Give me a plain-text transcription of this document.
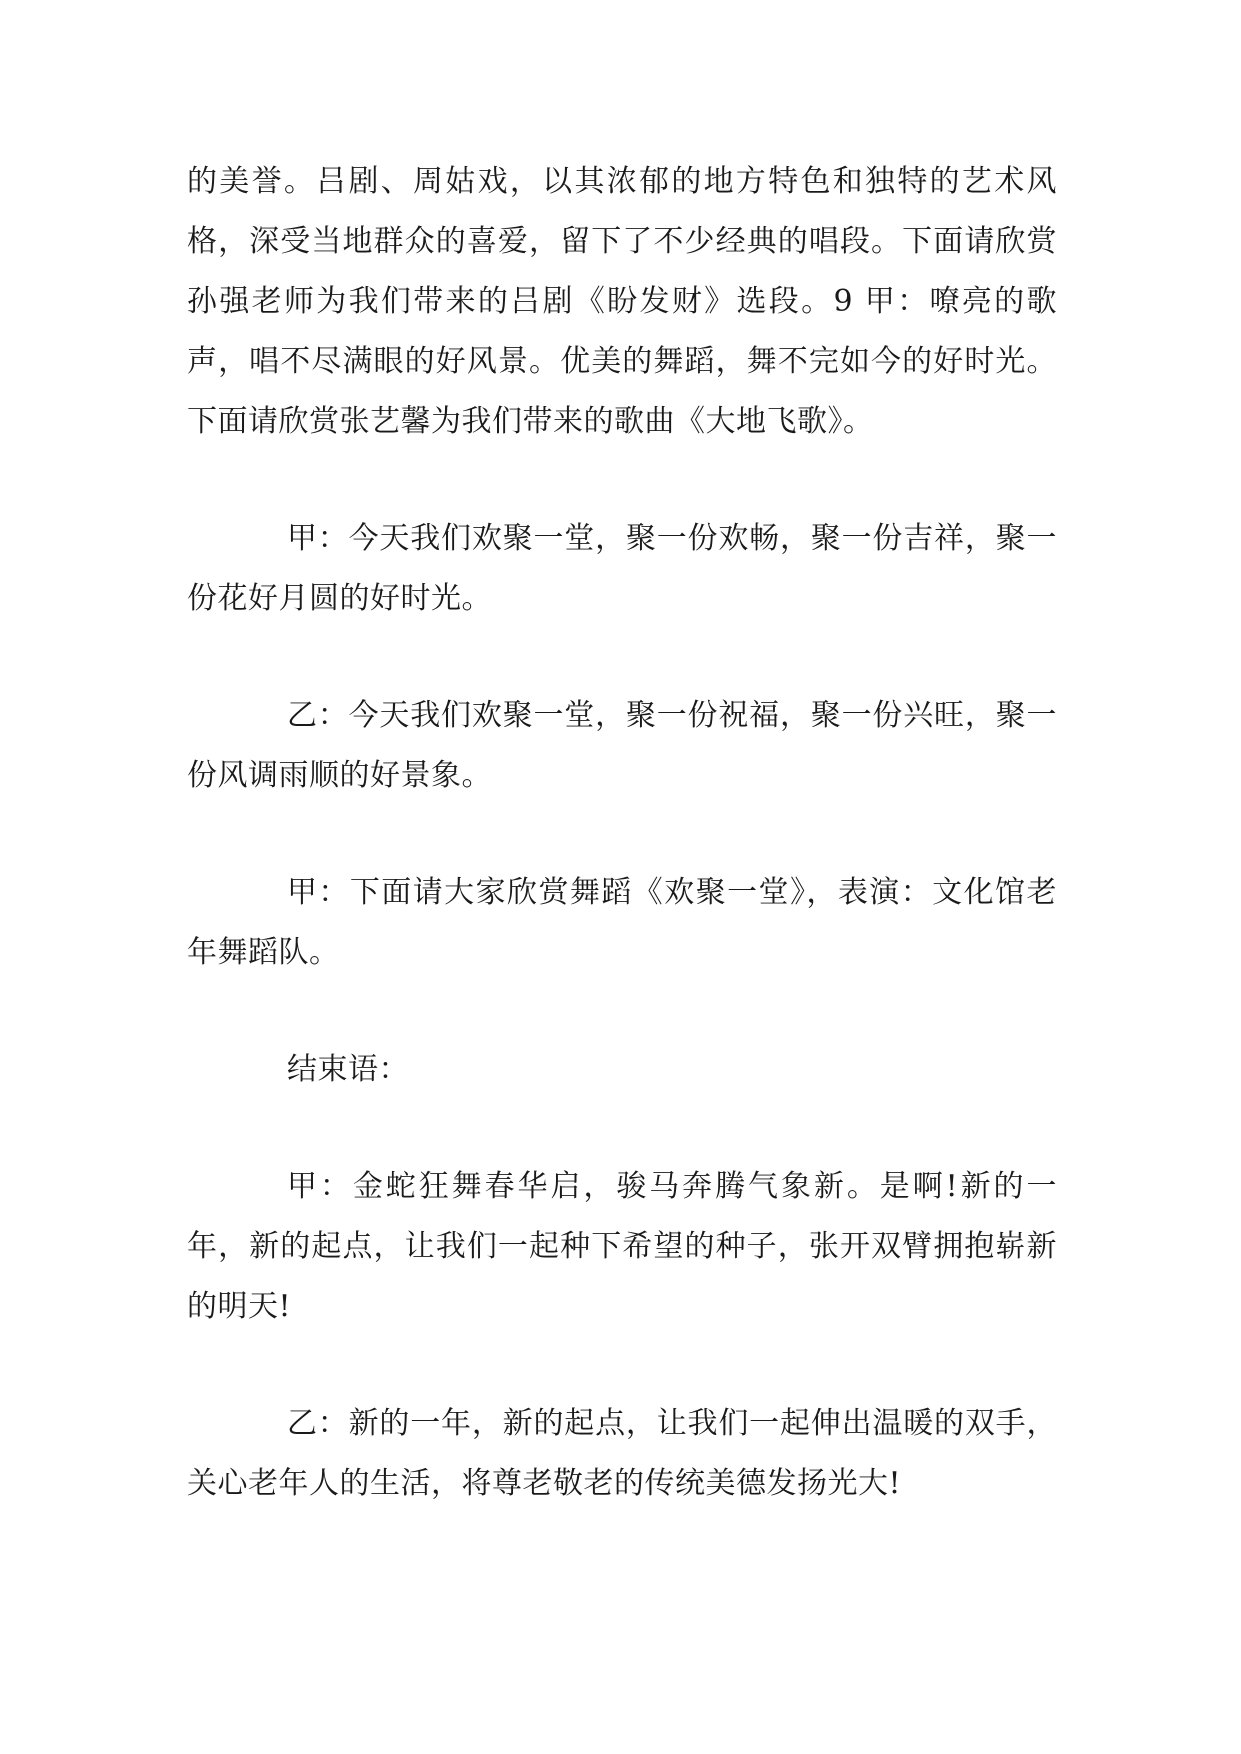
的美誉。吕剧、周姑戏，以其浓郁的地方特色和独特的艺术风格，深受当地群众的喜爱，留下了不少经典的唱段。下面请欣赏孙强老师为我们带来的吕剧《盼发财》选段。9 甲：嘹亮的歌声，唱不尽满眼的好风景。优美的舞蹈，舞不完如今的好时光。下面请欣赏张艺馨为我们带来的歌曲《大地飞歌》。

甲：今天我们欢聚一堂，聚一份欢畅，聚一份吉祥，聚一份花好月圆的好时光。

乙：今天我们欢聚一堂，聚一份祝福，聚一份兴旺，聚一份风调雨顺的好景象。

甲：下面请大家欣赏舞蹈《欢聚一堂》，表演：文化馆老年舞蹈队。

结束语：

甲：金蛇狂舞春华启，骏马奔腾气象新。是啊!新的一年，新的起点，让我们一起种下希望的种子，张开双臂拥抱崭新的明天!

乙：新的一年，新的起点，让我们一起伸出温暖的双手，关心老年人的生活，将尊老敬老的传统美德发扬光大!
